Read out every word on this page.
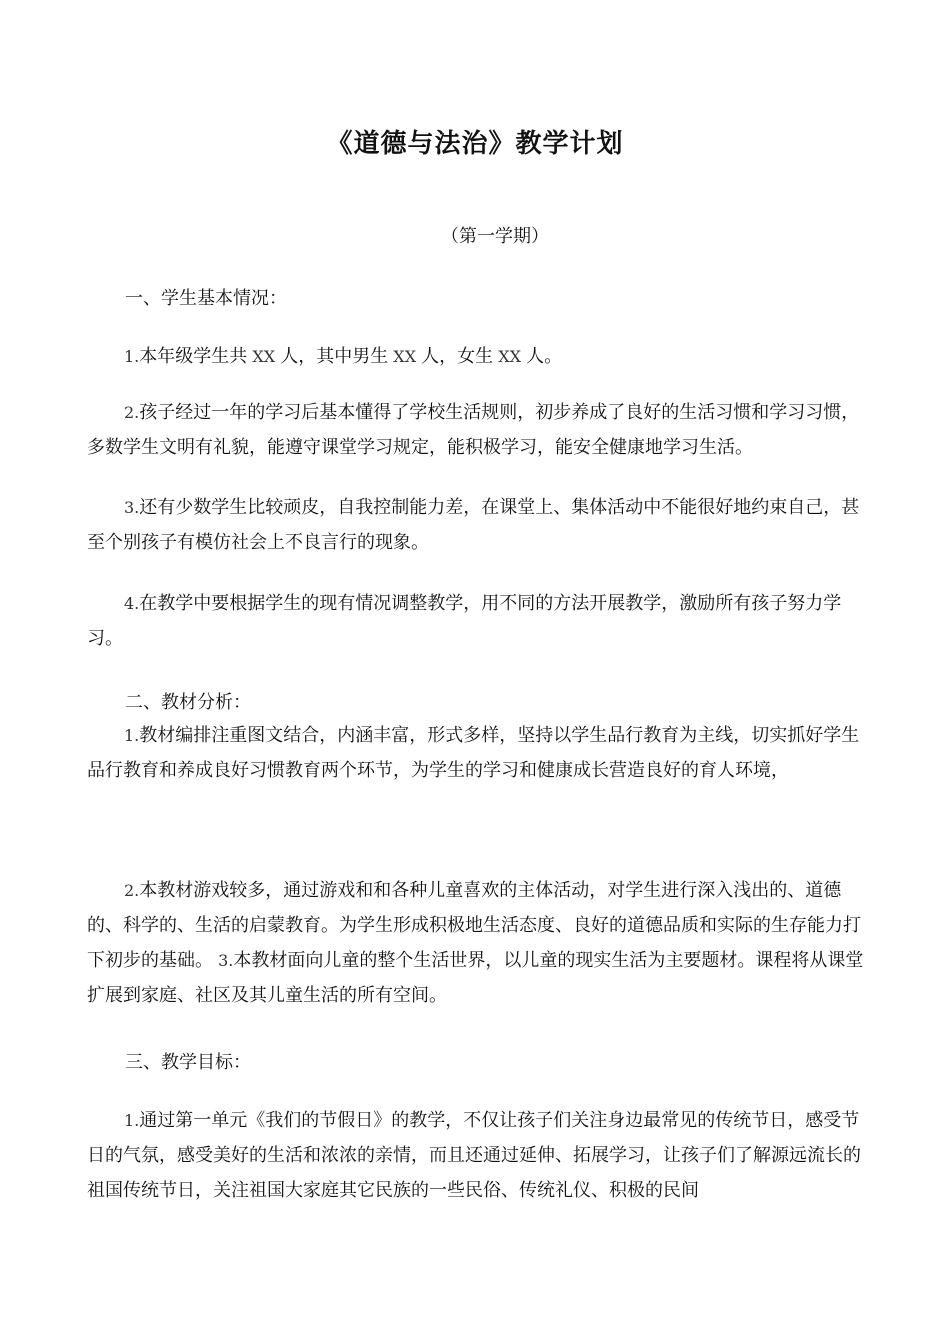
《道德与法治》教学计划

（第一学期）

一、学生基本情况：

1.本年级学生共 XX 人，其中男生 XX 人，女生 XX 人。

2.孩子经过一年的学习后基本懂得了学校生活规则，初步养成了良好的生活习惯和学习习惯，多数学生文明有礼貌，能遵守课堂学习规定，能积极学习，能安全健康地学习生活。

3.还有少数学生比较顽皮，自我控制能力差，在课堂上、集体活动中不能很好地约束自己，甚至个别孩子有模仿社会上不良言行的现象。

4.在教学中要根据学生的现有情况调整教学，用不同的方法开展教学，激励所有孩子努力学习。

二、教材分析：

1.教材编排注重图文结合，内涵丰富，形式多样，坚持以学生品行教育为主线，切实抓好学生品行教育和养成良好习惯教育两个环节，为学生的学习和健康成长营造良好的育人环境，

2.本教材游戏较多，通过游戏和和各种儿童喜欢的主体活动，对学生进行深入浅出的、道德的、科学的、生活的启蒙教育。为学生形成积极地生活态度、良好的道德品质和实际的生存能力打下初步的基础。 3.本教材面向儿童的整个生活世界，以儿童的现实生活为主要题材。课程将从课堂扩展到家庭、社区及其儿童生活的所有空间。

三、教学目标：

1.通过第一单元《我们的节假日》的教学，不仅让孩子们关注身边最常见的传统节日，感受节日的气氛，感受美好的生活和浓浓的亲情，而且还通过延伸、拓展学习，让孩子们了解源远流长的祖国传统节日，关注祖国大家庭其它民族的一些民俗、传统礼仪、积极的民间
